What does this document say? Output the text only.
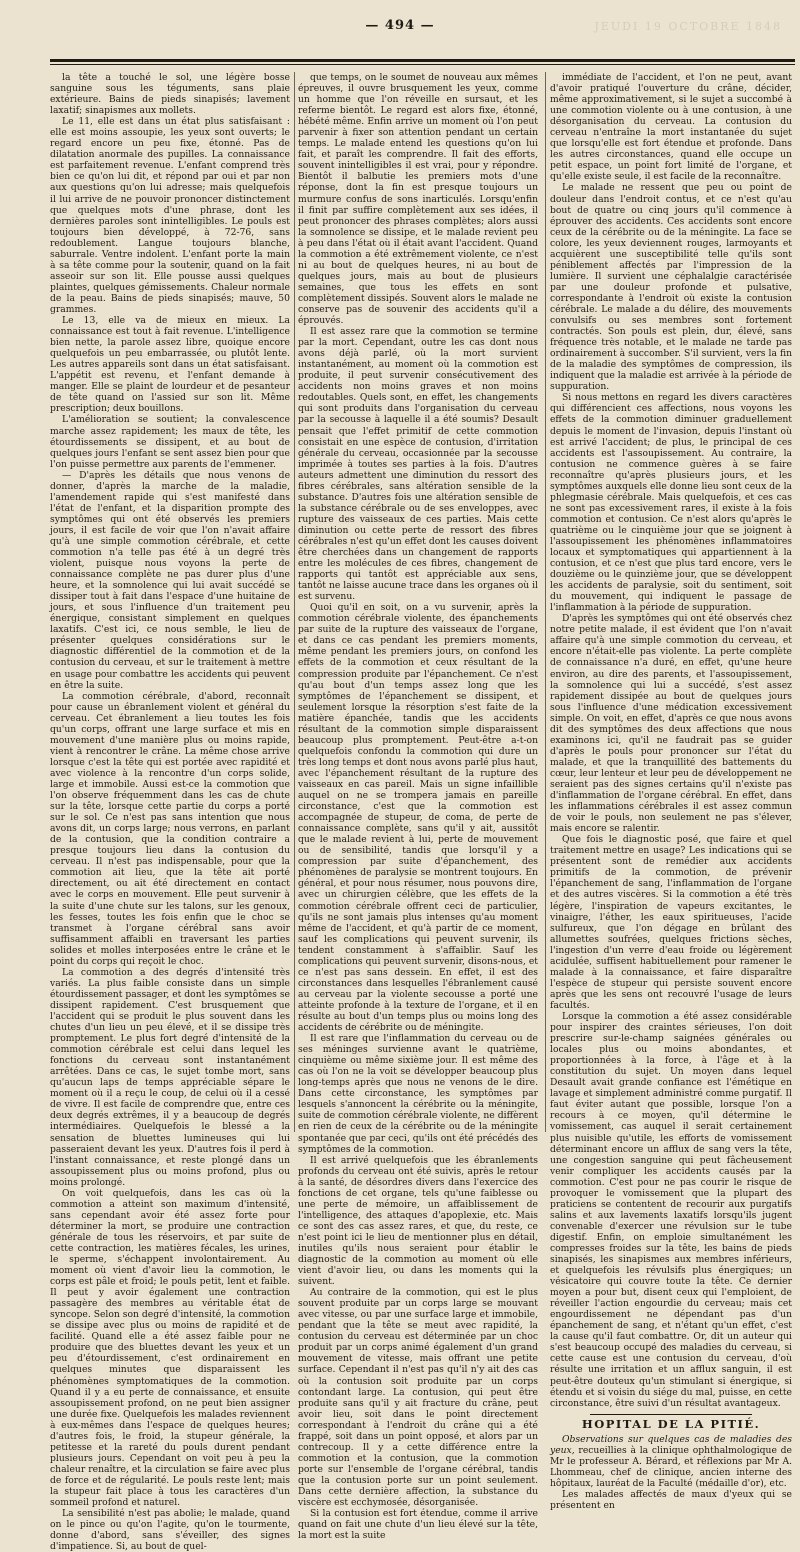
— 494 —	JEUDI 19 OCTOBRE 1848

la tête a touché le sol, une légère bosse sanguine sous les téguments, sans plaie extérieure. Bains de pieds sinapisés; lavement laxatif; sinapismes aux mollets.

Le 11, elle est dans un état plus satisfaisant : elle est moins assoupie, les yeux sont ouverts; le regard encore un peu fixe, étonné. Pas de dilatation anormale des pupilles. La connaissance est parfaitement revenue. L'enfant comprend très bien ce qu'on lui dit, et répond par oui et par non aux questions qu'on lui adresse; mais quelquefois il lui arrive de ne pouvoir prononcer distinctement que quelques mots d'une phrase, dont les dernières paroles sont inintelligibles. Le pouls est toujours bien développé, à 72-76, sans redoublement. Langue toujours blanche, saburrale. Ventre indolent. L'enfant porte la main à sa tête comme pour la soutenir, quand on la fait asseoir sur son lit. Elle pousse aussi quelques plaintes, quelques gémissements. Chaleur normale de la peau. Bains de pieds sinapisés; mauve, 50 grammes.

Le 13, elle va de mieux en mieux. La connaissance est tout à fait revenue. L'intelligence bien nette, la parole assez libre, quoique encore quelquefois un peu embarrassée, ou plutôt lente. Les autres appareils sont dans un état satisfaisant. L'appétit est revenu, et l'enfant demande à manger. Elle se plaint de lourdeur et de pesanteur de tête quand on l'assied sur son lit. Même prescription; deux bouillons.

L'amélioration se soutient; la convalescence marche assez rapidement; les maux de tête, les étourdissements se dissipent, et au bout de quelques jours l'enfant se sent assez bien pour que l'on puisse permettre aux parents de l'emmener.

— D'après les détails que nous venons de donner, d'après la marche de la maladie, l'amendement rapide qui s'est manifesté dans l'état de l'enfant, et la disparition prompte des symptômes qui ont été observés les premiers jours, il est facile de voir que l'on n'avait affaire qu'à une simple commotion cérébrale, et cette commotion n'a telle pas été à un degré très violent, puisque nous voyons la perte de connaissance complète ne pas durer plus d'une heure, et la somnolence qui lui avait succédé se dissiper tout à fait dans l'espace d'une huitaine de jours, et sous l'influence d'un traitement peu énergique, consistant simplement en quelques laxatifs. C'est ici, ce nous semble, le lieu de présenter quelques considérations sur le diagnostic différentiel de la commotion et de la contusion du cerveau, et sur le traitement à mettre en usage pour combattre les accidents qui peuvent en être la suite.

La commotion cérébrale, d'abord, reconnaît pour cause un ébranlement violent et général du cerveau. Cet ébranlement a lieu toutes les fois qu'un corps, offrant une large surface et mis en mouvement d'une manière plus ou moins rapide, vient à rencontrer le crâne. La même chose arrive lorsque c'est la tête qui est portée avec rapidité et avec violence à la rencontre d'un corps solide, large et immobile. Aussi est-ce la commotion que l'on observe fréquemment dans les cas de chute sur la tête, lorsque cette partie du corps a porté sur le sol. Ce n'est pas sans intention que nous avons dit, un corps large; nous verrons, en parlant de la contusion, que la condition contraire a presque toujours lieu dans la contusion du cerveau. Il n'est pas indispensable, pour que la commotion ait lieu, que la tête ait porté directement, ou ait été directement en contact avec le corps en mouvement. Elle peut survenir à la suite d'une chute sur les talons, sur les genoux, les fesses, toutes les fois enfin que le choc se transmet à l'organe cérébral sans avoir suffisamment affaibli en traversant les parties solides et molles interposées entre le crâne et le point du corps qui reçoit le choc.

La commotion a des degrés d'intensité très variés. La plus faible consiste dans un simple étourdissement passager, et dont les symptômes se dissipent rapidement. C'est brusquement que l'accident qui se produit le plus souvent dans les chutes d'un lieu un peu élevé, et il se dissipe très promptement. Le plus fort degré d'intensité de la commotion cérébrale est celui dans lequel les fonctions du cerveau sont instantanément arrêtées. Dans ce cas, le sujet tombe mort, sans qu'aucun laps de temps appréciable sépare le moment où il a reçu le coup, de celui où il a cessé de vivre. Il est facile de comprendre que, entre ces deux degrés extrêmes, il y a beaucoup de degrés intermédiaires. Quelquefois le blessé a la sensation de bluettes lumineuses qui lui passeraient devant les yeux. D'autres fois il perd à l'instant connaissance, et reste plongé dans un assoupissement plus ou moins profond, plus ou moins prolongé.

On voit quelquefois, dans les cas où la commotion a atteint son maximum d'intensité, sans cependant avoir été assez forte pour déterminer la mort, se produire une contraction générale de tous les réservoirs, et par suite de cette contraction, les matières fécales, les urines, le sperme, s'échappent involontairement. Au moment où vient d'avoir lieu la commotion, le corps est pâle et froid; le pouls petit, lent et faible. Il peut y avoir également une contraction passagère des membres au véritable état de syncope. Selon son degré d'intensité, la commotion se dissipe avec plus ou moins de rapidité et de facilité. Quand elle a été assez faible pour ne produire que des bluettes devant les yeux et un peu d'étourdissement, c'est ordinairement en quelques minutes que disparaissent les phénomènes symptomatiques de la commotion. Quand il y a eu perte de connaissance, et ensuite assoupissement profond, on ne peut bien assigner une durée fixe. Quelquefois les malades reviennent à eux-mêmes dans l'espace de quelques heures; d'autres fois, le froid, la stupeur générale, la petitesse et la rareté du pouls durent pendant plusieurs jours. Cependant on voit peu à peu la chaleur renaître, et la circulation se faire avec plus de force et de régularité. Le pouls reste lent; mais la stupeur fait place à tous les caractères d'un sommeil profond et naturel.

La sensibilité n'est pas abolie; le malade, quand on le pince ou qu'on l'agite, qu'on le tourmente, donne d'abord, sans s'éveiller, des signes d'impatience. Si, au bout de quel-

que temps, on le soumet de nouveau aux mêmes épreuves, il ouvre brusquement les yeux, comme un homme que l'on réveille en sursaut, et les referme bientôt. Le regard est alors fixe, étonné, hébété même. Enfin arrive un moment où l'on peut parvenir à fixer son attention pendant un certain temps. Le malade entend les questions qu'on lui fait, et paraît les comprendre. Il fait des efforts, souvent inintelligibles il est vrai, pour y répondre. Bientôt il balbutie les premiers mots d'une réponse, dont la fin est presque toujours un murmure confus de sons inarticulés. Lorsqu'enfin il finit par suffire complètement aux ses idées, il peut prononcer des phrases complètes; alors aussi la somnolence se dissipe, et le malade revient peu à peu dans l'état où il était avant l'accident. Quand la commotion a été extrêmement violente, ce n'est ni au bout de quelques heures, ni au bout de quelques jours, mais au bout de plusieurs semaines, que tous les effets en sont complètement dissipés. Souvent alors le malade ne conserve pas de souvenir des accidents qu'il a éprouvés.

Il est assez rare que la commotion se termine par la mort. Cependant, outre les cas dont nous avons déjà parlé, où la mort survient instantanément, au moment où la commotion est produite, il peut survenir consécutivement des accidents non moins graves et non moins redoutables. Quels sont, en effet, les changements qui sont produits dans l'organisation du cerveau par la secousse à laquelle il a été soumis? Desault pensait que l'effet primitif de cette commotion consistait en une espèce de contusion, d'irritation générale du cerveau, occasionnée par la secousse imprimée à toutes ses parties à la fois. D'autres auteurs admettent une diminution du ressort des fibres cérébrales, sans altération sensible de la substance. D'autres fois une altération sensible de la substance cérébrale ou de ses enveloppes, avec rupture des vaisseaux de ces parties. Mais cette diminution ou cette perte de ressort des fibres cérébrales n'est qu'un effet dont les causes doivent être cherchées dans un changement de rapports entre les molécules de ces fibres, changement de rapports qui tantôt est appréciable aux sens, tantôt ne laisse aucune trace dans les organes où il est survenu.

Quoi qu'il en soit, on a vu survenir, après la commotion cérébrale violente, des épanchements par suite de la rupture des vaisseaux de l'organe, et dans ce cas pendant les premiers moments, même pendant les premiers jours, on confond les effets de la commotion et ceux résultant de la compression produite par l'épanchement. Ce n'est qu'au bout d'un temps assez long que les symptômes de l'épanchement se dissipent, et seulement lorsque la résorption s'est faite de la matière épanchée, tandis que les accidents résultant de la commotion simple disparaissent beaucoup plus promptement. Peut-être a-t-on quelquefois confondu la commotion qui dure un très long temps et dont nous avons parlé plus haut, avec l'épanchement résultant de la rupture des vaisseaux en cas pareil. Mais un signe infaillible auquel on ne se trompera jamais en pareille circonstance, c'est que la commotion est accompagnée de stupeur, de coma, de perte de connaissance complète, sans qu'il y ait, aussitôt que le malade revient à lui, perte de mouvement ou de sensibilité, tandis que lorsqu'il y a compression par suite d'épanchement, des phénomènes de paralysie se montrent toujours. En général, et pour nous résumer, nous pouvons dire, avec un chirurgien célèbre, que les effets de la commotion cérébrale offrent ceci de particulier, qu'ils ne sont jamais plus intenses qu'au moment même de l'accident, et qu'à partir de ce moment, sauf les complications qui peuvent survenir, ils tendent constamment à s'affaiblir. Sauf les complications qui peuvent survenir, disons-nous, et ce n'est pas sans dessein. En effet, il est des circonstances dans lesquelles l'ébranlement causé au cerveau par la violente secousse a porté une atteinte profonde à la texture de l'organe, et il en résulte au bout d'un temps plus ou moins long des accidents de cérébrite ou de méningite.

Il est rare que l'inflammation du cerveau ou de ses méninges survienne avant le quatrième, cinquième ou même sixième jour. Il est même des cas où l'on ne la voit se développer beaucoup plus long-temps après que nous ne venons de le dire. Dans cette circonstance, les symptômes par lesquels s'annoncent la cérébrite ou la méningite, suite de commotion cérébrale violente, ne diffèrent en rien de ceux de la cérébrite ou de la méningite spontanée que par ceci, qu'ils ont été précédés des symptômes de la commotion.

Il est arrivé quelquefois que les ébranlements profonds du cerveau ont été suivis, après le retour à la santé, de désordres divers dans l'exercice des fonctions de cet organe, tels qu'une faiblesse ou une perte de mémoire, un affaiblissement de l'intelligence, des attaques d'apoplexie, etc. Mais ce sont des cas assez rares, et que, du reste, ce n'est point ici le lieu de mentionner plus en détail, inutiles qu'ils nous seraient pour établir le diagnostic de la commotion au moment où elle vient d'avoir lieu, ou dans les moments qui la suivent.

Au contraire de la commotion, qui est le plus souvent produite par un corps large se mouvant avec vitesse, ou par une surface large et immobile, pendant que la tête se meut avec rapidité, la contusion du cerveau est déterminée par un choc produit par un corps animé également d'un grand mouvement de vitesse, mais offrant une petite surface. Cependant il n'est pas qu'il n'y ait des cas où la contusion soit produite par un corps contondant large. La contusion, qui peut être produite sans qu'il y ait fracture du crâne, peut avoir lieu, soit dans le point directement correspondant à l'endroit du crâne qui a été frappé, soit dans un point opposé, et alors par un contrecoup. Il y a cette différence entre la commotion et la contusion, que la commotion porte sur l'ensemble de l'organe cérébral, tandis que la contusion porte sur un point seulement. Dans cette dernière affection, la substance du viscère est ecchymosée, désorganisée.

Si la contusion est fort étendue, comme il arrive quand on fait une chute d'un lieu élevé sur la tête, la mort est la suite

immédiate de l'accident, et l'on ne peut, avant d'avoir pratiqué l'ouverture du crâne, décider, même approximativement, si le sujet a succombé à une commotion violente ou à une contusion, à une désorganisation du cerveau. La contusion du cerveau n'entraîne la mort instantanée du sujet que lorsqu'elle est fort étendue et profonde. Dans les autres circonstances, quand elle occupe un petit espace, un point fort limité de l'organe, et qu'elle existe seule, il est facile de la reconnaître.

Le malade ne ressent que peu ou point de douleur dans l'endroit contus, et ce n'est qu'au bout de quatre ou cinq jours qu'il commence à éprouver des accidents. Ces accidents sont encore ceux de la cérébrite ou de la méningite. La face se colore, les yeux deviennent rouges, larmoyants et acquièrent une susceptibilité telle qu'ils sont péniblement affectés par l'impression de la lumière. Il survient une céphalalgie caractérisée par une douleur profonde et pulsative, correspondante à l'endroit où existe la contusion cérébrale. Le malade a du délire, des mouvements convulsifs ou ses membres sont fortement contractés. Son pouls est plein, dur, élevé, sans fréquence très notable, et le malade ne tarde pas ordinairement à succomber. S'il survient, vers la fin de la maladie des symptômes de compression, ils indiquent que la maladie est arrivée à la période de suppuration.

Si nous mettons en regard les divers caractères qui différencient ces affections, nous voyons les effets de la commotion diminuer graduellement depuis le moment de l'invasion, depuis l'instant où est arrivé l'accident; de plus, le principal de ces accidents est l'assoupissement. Au contraire, la contusion ne commence guères à se faire reconnaître qu'après plusieurs jours, et les symptômes auxquels elle donne lieu sont ceux de la phlegmasie cérébrale. Mais quelquefois, et ces cas ne sont pas excessivement rares, il existe à la fois commotion et contusion. Ce n'est alors qu'après le quatrième ou le cinquième jour que se joignent à l'assoupissement les phénomènes inflammatoires locaux et symptomatiques qui appartiennent à la contusion, et ce n'est que plus tard encore, vers le douzième ou le quinzième jour, que se développent les accidents de paralysie, soit du sentiment, soit du mouvement, qui indiquent le passage de l'inflammation à la période de suppuration.

D'après les symptômes qui ont été observés chez notre petite malade, il est évident que l'on n'avait affaire qu'à une simple commotion du cerveau, et encore n'était-elle pas violente. La perte complète de connaissance n'a duré, en effet, qu'une heure environ, au dire des parents, et l'assoupissement, la somnolence qui lui a succédé, s'est assez rapidement dissipée au bout de quelques jours sous l'influence d'une médication excessivement simple. On voit, en effet, d'après ce que nous avons dit des symptômes des deux affections que nous examinons ici, qu'il ne faudrait pas se guider d'après le pouls pour prononcer sur l'état du malade, et que la tranquillité des battements du cœur, leur lenteur et leur peu de développement ne seraient pas des signes certains qu'il n'existe pas d'inflammation de l'organe cérébral. En effet, dans les inflammations cérébrales il est assez commun de voir le pouls, non seulement ne pas s'élever, mais encore se ralentir.

Que fois le diagnostic posé, que faire et quel traitement mettre en usage? Les indications qui se présentent sont de remédier aux accidents primitifs de la commotion, de prévenir l'épanchement de sang, l'inflammation de l'organe et des autres viscères. Si la commotion a été très légère, l'inspiration de vapeurs excitantes, le vinaigre, l'éther, les eaux spiritueuses, l'acide sulfureux, que l'on dégage en brûlant des allumettes soufrées, quelques frictions sèches, l'ingestion d'un verre d'eau froide ou légèrement acidulée, suffisent habituellement pour ramener le malade à la connaissance, et faire disparaître l'espèce de stupeur qui persiste souvent encore après que les sens ont recouvré l'usage de leurs facultés.

Lorsque la commotion a été assez considérable pour inspirer des craintes sérieuses, l'on doit prescrire sur-le-champ saignées générales ou locales plus ou moins abondantes, et proportionnées à la force, à l'âge et à la constitution du sujet. Un moyen dans lequel Desault avait grande confiance est l'émétique en lavage et simplement administré comme purgatif. Il faut éviter autant que possible, lorsque l'on a recours à ce moyen, qu'il détermine le vomissement, cas auquel il serait certainement plus nuisible qu'utile, les efforts de vomissement déterminant encore un afflux de sang vers la tête, une congestion sanguine qui peut fâcheusement venir compliquer les accidents causés par la commotion. C'est pour ne pas courir le risque de provoquer le vomissement que la plupart des praticiens se contentent de recourir aux purgatifs salins et aux lavements laxatifs lorsqu'ils jugent convenable d'exercer une révulsion sur le tube digestif. Enfin, on emploie simultanément les compresses froides sur la tête, les bains de pieds sinapisés, les sinapismes aux membres inférieurs, et quelquefois les révulsifs plus énergiques; un vésicatoire qui couvre toute la tête. Ce dernier moyen a pour but, disent ceux qui l'emploient, de réveiller l'action engourdie du cerveau; mais cet engourdissement ne dépendant pas d'un épanchement de sang, et n'étant qu'un effet, c'est la cause qu'il faut combattre. Or, dit un auteur qui s'est beaucoup occupé des maladies du cerveau, si cette cause est une contusion du cerveau, d'où résulte une irritation et un afflux sanguin, il est peut-être douteux qu'un stimulant si énergique, si étendu et si voisin du siége du mal, puisse, en cette circonstance, être suivi d'un résultat avantageux.

HOPITAL DE LA PITIÉ.

Observations sur quelques cas de maladies des yeux, recueillies à la clinique ophthalmologique de Mr le professeur A. Bérard, et réflexions par Mr A. Lhommeau, chef de clinique, ancien interne des hôpitaux, lauréat de la Faculté (médaille d'or), etc.

Les malades affectés de maux d'yeux qui se présentent en
